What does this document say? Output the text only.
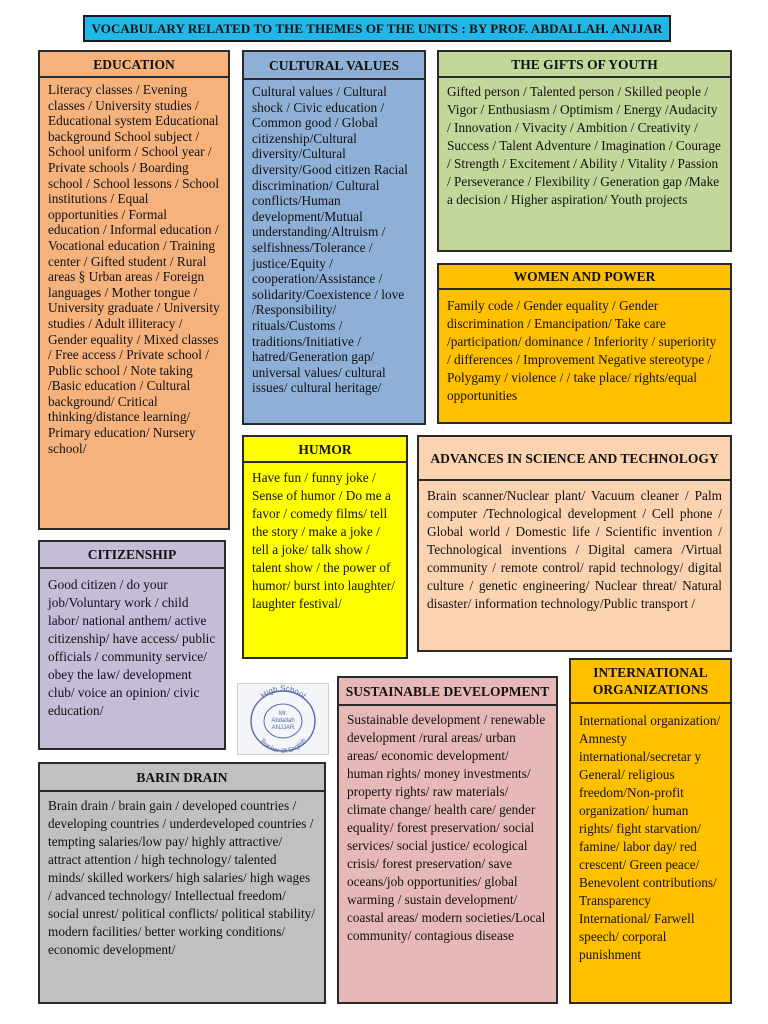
VOCABULARY RELATED TO THE THEMES OF THE UNITS : BY PROF. ABDALLAH. ANJJAR
EDUCATION
Literacy classes / Evening classes / University studies / Educational system Educational background School subject / School uniform / School year / Private schools / Boarding school / School lessons / School institutions / Equal opportunities / Formal education / Informal education / Vocational education / Training center / Gifted student / Rural areas § Urban areas / Foreign languages / Mother tongue / University graduate / University studies / Adult illiteracy / Gender equality / Mixed classes / Free access / Private school / Public school / Note taking /Basic education / Cultural background/ Critical thinking/distance learning/ Primary education/ Nursery school/
CULTURAL VALUES
Cultural values / Cultural shock / Civic education / Common good / Global citizenship/Cultural diversity/Cultural diversity/Good citizen Racial discrimination/ Cultural conflicts/Human development/Mutual understanding/Altruism / selfishness/Tolerance / justice/Equity / cooperation/Assistance / solidarity/Coexistence / love /Responsibility/ rituals/Customs / traditions/Initiative / hatred/Generation gap/ universal values/ cultural issues/ cultural heritage/
THE GIFTS OF YOUTH
Gifted person / Talented person / Skilled people / Vigor / Enthusiasm / Optimism / Energy /Audacity / Innovation / Vivacity / Ambition / Creativity / Success / Talent Adventure / Imagination / Courage / Strength / Excitement / Ability / Vitality / Passion / Perseverance / Flexibility / Generation gap /Make a decision / Higher aspiration/ Youth projects
WOMEN AND POWER
Family code / Gender equality / Gender discrimination / Emancipation/ Take care /participation/ dominance / Inferiority / superiority / differences / Improvement Negative stereotype / Polygamy / violence / / take place/ rights/equal opportunities
HUMOR
Have fun / funny joke / Sense of humor / Do me a favor / comedy films/ tell the story / make a joke / tell a joke/ talk show / talent show / the power of humor/ burst into laughter/ laughter festival/
ADVANCES IN SCIENCE AND TECHNOLOGY
Brain scanner/Nuclear plant/ Vacuum cleaner / Palm computer /Technological development / Cell phone / Global world / Domestic life / Scientific invention / Technological inventions / Digital camera /Virtual community / remote control/ rapid technology/ digital culture / genetic engineering/ Nuclear threat/ Natural disaster/ information technology/Public transport /
CITIZENSHIP
Good citizen / do your job/Voluntary work / child labor/ national anthem/ active citizenship/ have access/ public officials / community service/ obey the law/ development club/ voice an opinion/ civic education/
High School
Teacher Of English
Mr.
Abdallah
ANJJAR
SUSTAINABLE DEVELOPMENT
Sustainable development / renewable development /rural areas/ urban areas/ economic development/ human rights/ money investments/ property rights/ raw materials/ climate change/ health care/ gender equality/ forest preservation/ social services/ social justice/ ecological crisis/ forest preservation/ save oceans/job opportunities/ global warming / sustain development/ coastal areas/ modern societies/Local community/ contagious disease
INTERNATIONAL ORGANIZATIONS
International organization/ Amnesty international/secretar y General/ religious freedom/Non-profit organization/ human rights/ fight starvation/ famine/ labor day/ red crescent/ Green peace/ Benevolent contributions/ Transparency International/ Farwell speech/ corporal punishment
BARIN DRAIN
Brain drain / brain gain / developed countries / developing countries / underdeveloped countries / tempting salaries/low pay/ highly attractive/ attract attention / high technology/ talented minds/ skilled workers/ high salaries/ high wages / advanced technology/ Intellectual freedom/ social unrest/ political conflicts/ political stability/ modern facilities/ better working conditions/ economic development/
